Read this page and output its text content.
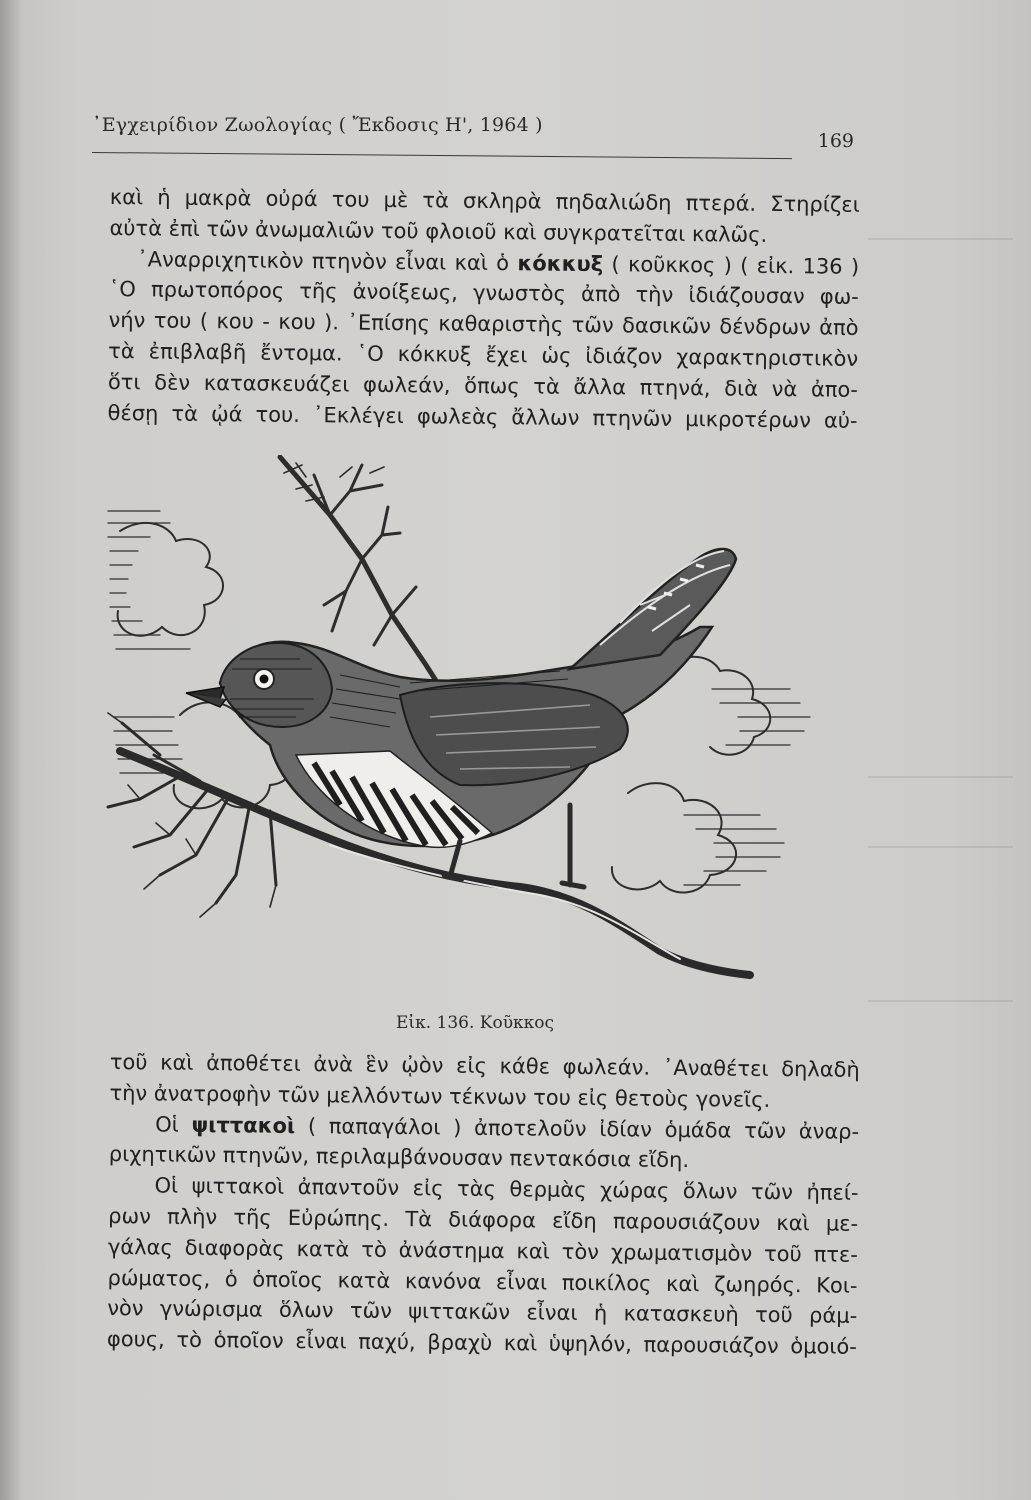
᾿Εγχειρίδιον Ζωολογίας ( Ἔκδοσις Η', 1964 )
169

καὶ ἡ μακρὰ οὐρά του μὲ τὰ σκληρὰ πηδαλιώδη πτερά. Στηρίζει

αὐτὰ ἐπὶ τῶν ἀνωμαλιῶν τοῦ φλοιοῦ καὶ συγκρατεῖται καλῶς.

᾿Αναρριχητικὸν πτηνὸν εἶναι καὶ ὁ κόκκυξ ( κοῦκκος ) ( εἰκ. 136 )

῾Ο πρωτοπόρος τῆς ἀνοίξεως, γνωστὸς ἀπὸ τὴν ἰδιάζουσαν φω-

νήν του ( κου - κου ). ᾿Επίσης καθαριστὴς τῶν δασικῶν δένδρων ἀπὸ

τὰ ἐπιβλαβῆ ἔντομα. ῾Ο κόκκυξ ἔχει ὡς ἰδιάζον χαρακτηριστικὸν

ὅτι δὲν κατασκευάζει φωλεάν, ὅπως τὰ ἄλλα πτηνά, διὰ νὰ ἀπο-

θέσῃ τὰ ᾠά του. ᾿Εκλέγει φωλεὰς ἄλλων πτηνῶν μικροτέρων αὐ-

Εἰκ. 136. Κοῦκκος

τοῦ καὶ ἀποθέτει ἀνὰ ἓν ᾠὸν εἰς κάθε φωλεάν. ᾿Αναθέτει δηλαδὴ

τὴν ἀνατροφὴν τῶν μελλόντων τέκνων του εἰς θετοὺς γονεῖς.

Οἱ ψιττακοὶ ( παπαγάλοι ) ἀποτελοῦν ἰδίαν ὁμάδα τῶν ἀναρ-

ριχητικῶν πτηνῶν, περιλαμβάνουσαν πεντακόσια εἴδη.

Οἱ ψιττακοὶ ἀπαντοῦν εἰς τὰς θερμὰς χώρας ὅλων τῶν ἠπεί-

ρων πλὴν τῆς Εὐρώπης. Τὰ διάφορα εἴδη παρουσιάζουν καὶ με-

γάλας διαφορὰς κατὰ τὸ ἀνάστημα καὶ τὸν χρωματισμὸν τοῦ πτε-

ρώματος, ὁ ὁποῖος κατὰ κανόνα εἶναι ποικίλος καὶ ζωηρός. Κοι-

νὸν γνώρισμα ὅλων τῶν ψιττακῶν εἶναι ἡ κατασκευὴ τοῦ ράμ-

φους, τὸ ὁποῖον εἶναι παχύ, βραχὺ καὶ ὑψηλόν, παρουσιάζον ὁμοιό-
